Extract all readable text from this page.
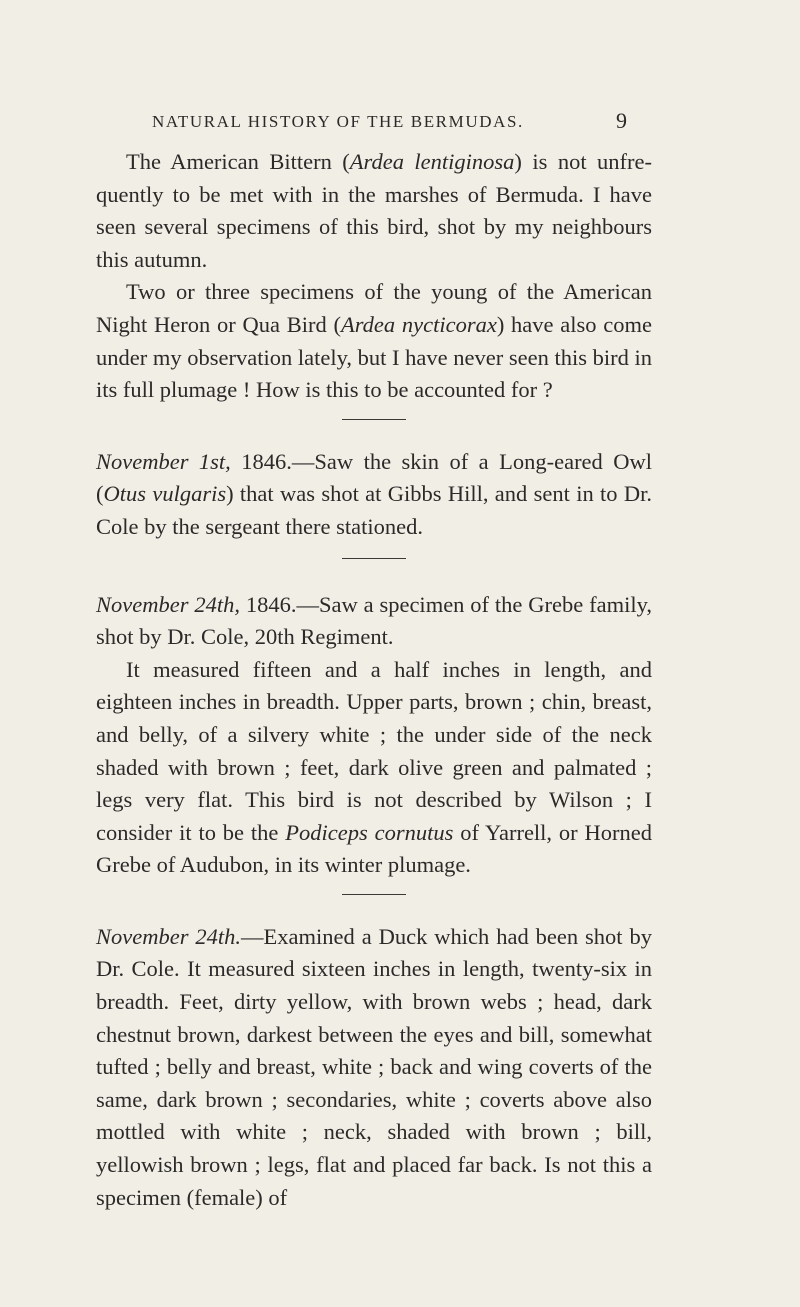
NATURAL HISTORY OF THE BERMUDAS.	9

The American Bittern (Ardea lentiginosa) is not unfrequently to be met with in the marshes of Bermuda. I have seen several specimens of this bird, shot by my neighbours this autumn.

Two or three specimens of the young of the American Night Heron or Qua Bird (Ardea nycticorax) have also come under my observation lately, but I have never seen this bird in its full plumage ! How is this to be accounted for ?

November 1st, 1846.—Saw the skin of a Long-eared Owl (Otus vulgaris) that was shot at Gibbs Hill, and sent in to Dr. Cole by the sergeant there stationed.

November 24th, 1846.—Saw a specimen of the Grebe family, shot by Dr. Cole, 20th Regiment.

It measured fifteen and a half inches in length, and eighteen inches in breadth. Upper parts, brown ; chin, breast, and belly, of a silvery white ; the under side of the neck shaded with brown ; feet, dark olive green and palmated ; legs very flat. This bird is not described by Wilson ; I consider it to be the Podiceps cornutus of Yarrell, or Horned Grebe of Audubon, in its winter plumage.

November 24th.—Examined a Duck which had been shot by Dr. Cole. It measured sixteen inches in length, twenty-six in breadth. Feet, dirty yellow, with brown webs ; head, dark chestnut brown, darkest between the eyes and bill, somewhat tufted ; belly and breast, white ; back and wing coverts of the same, dark brown ; secondaries, white ; coverts above also mottled with white ; neck, shaded with brown ; bill, yellowish brown ; legs, flat and placed far back. Is not this a specimen (female) of
